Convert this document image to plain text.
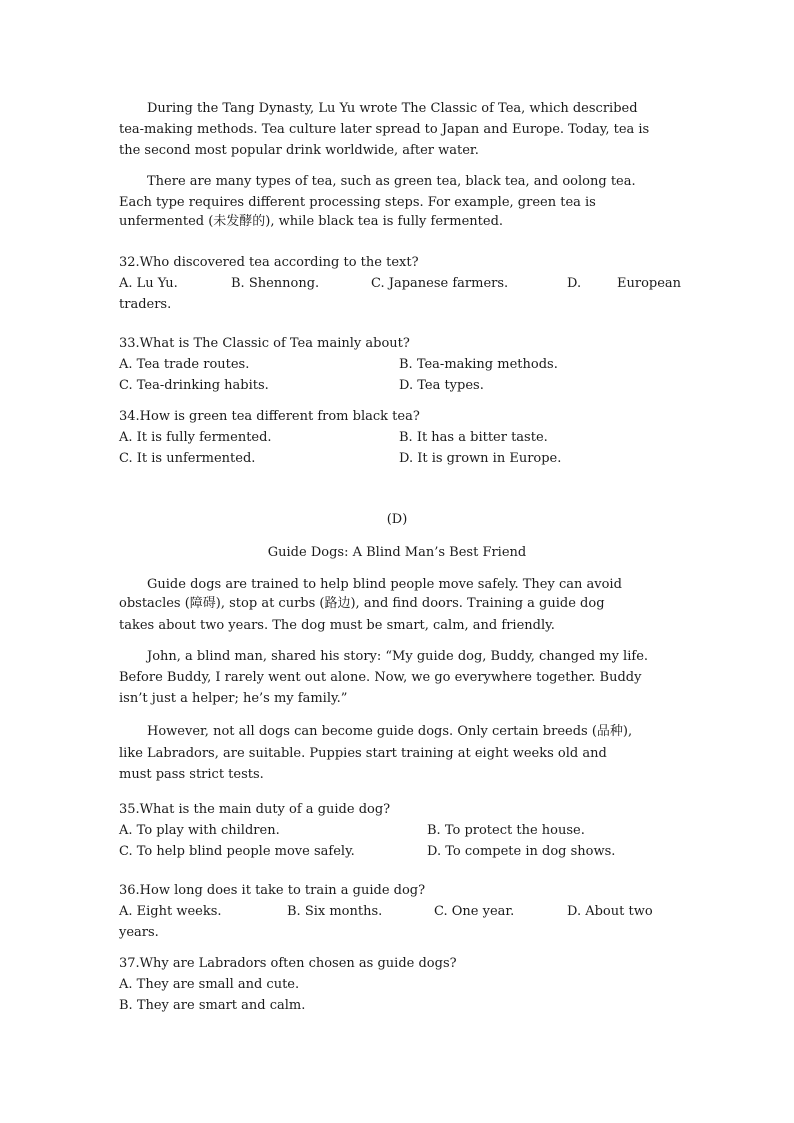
During the Tang Dynasty, Lu Yu wrote The Classic of Tea, which described
tea-making methods. Tea culture later spread to Japan and Europe. Today, tea is
the second most popular drink worldwide, after water.
There are many types of tea, such as green tea, black tea, and oolong tea.
Each type requires different processing steps. For example, green tea is
unfermented (未发酵的), while black tea is fully fermented.
32.Who discovered tea according to the text?

A. Lu Yu.

	B. Shennong.

	C. Japanese farmers.

	D.

	European

traders.
33.What is The Classic of Tea mainly about?

A. Tea trade routes.

	B. Tea-making methods.

C. Tea-drinking habits.

	D. Tea types.

34.How is green tea different from black tea?

A. It is fully fermented.

	B. It has a bitter taste.

C. It is unfermented.

	D. It is grown in Europe.

(D)
Guide Dogs: A Blind Man’s Best Friend
Guide dogs are trained to help blind people move safely. They can avoid
obstacles (障碍), stop at curbs (路边), and find doors. Training a guide dog
takes about two years. The dog must be smart, calm, and friendly.
John, a blind man, shared his story: “My guide dog, Buddy, changed my life.
Before Buddy, I rarely went out alone. Now, we go everywhere together. Buddy
isn’t just a helper; he’s my family.”
However, not all dogs can become guide dogs. Only certain breeds (品种),
like Labradors, are suitable. Puppies start training at eight weeks old and
must pass strict tests.
35.What is the main duty of a guide dog?

A. To play with children.

	B. To protect the house.

C. To help blind people move safely.

	D. To compete in dog shows.

36.How long does it take to train a guide dog?

A. Eight weeks.

	B. Six months.

	C. One year.

	D. About two

years.
37.Why are Labradors often chosen as guide dogs?
A. They are small and cute.
B. They are smart and calm.
